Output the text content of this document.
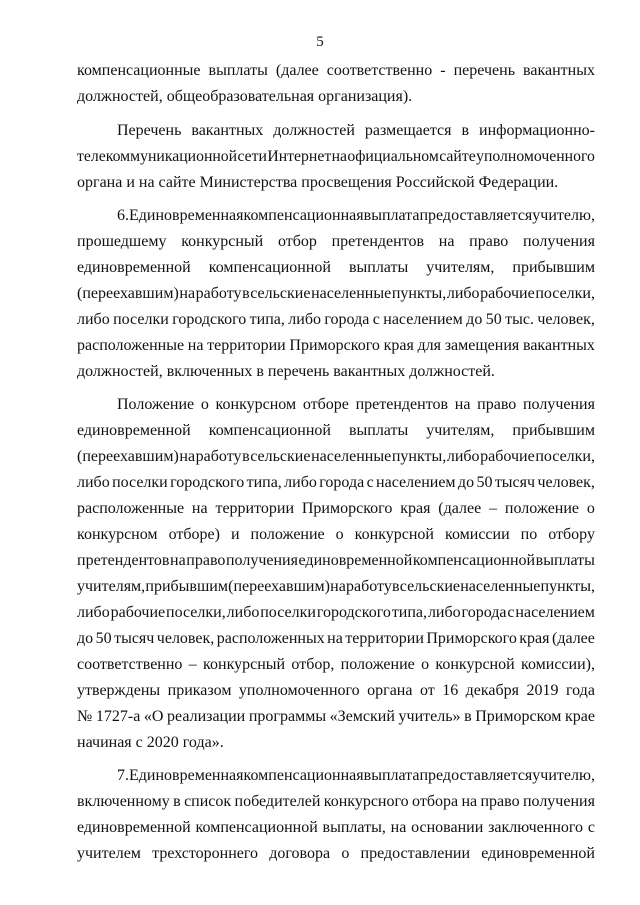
5
компенсационные выплаты (далее соответственно - перечень вакантных
должностей, общеобразовательная организация).
Перечень вакантных должностей размещается в информационно-
телекоммуникационной сети Интернет на официальном сайте уполномоченного
органа и на сайте Министерства просвещения Российской Федерации.
6. Единовременная компенсационная выплата предоставляется учителю,
прошедшему конкурсный отбор претендентов на право получения
единовременной компенсационной выплаты учителям, прибывшим
(переехавшим) на работу в сельские населенные пункты, либо рабочие поселки,
либо поселки городского типа, либо города с населением до 50 тыс. человек,
расположенные на территории Приморского края для замещения вакантных
должностей, включенных в перечень вакантных должностей.
Положение о конкурсном отборе претендентов на право получения
единовременной компенсационной выплаты учителям, прибывшим
(переехавшим) на работу в сельские населенные пункты, либо рабочие поселки,
либо поселки городского типа, либо города с населением до 50 тысяч человек,
расположенные на территории Приморского края (далее – положение о
конкурсном отборе) и положение о конкурсной комиссии по отбору
претендентов на право получения единовременной компенсационной выплаты
учителям, прибывшим (переехавшим) на работу в сельские населенные пункты,
либо рабочие поселки, либо поселки городского типа, либо города с населением
до 50 тысяч человек, расположенных на территории Приморского края (далее
соответственно – конкурсный отбор, положение о конкурсной комиссии),
утверждены приказом уполномоченного органа от 16 декабря 2019 года
№ 1727-а «О реализации программы «Земский учитель» в Приморском крае
начиная с 2020 года».
7. Единовременная компенсационная выплата предоставляется учителю,
включенному в список победителей конкурсного отбора на право получения
единовременной компенсационной выплаты, на основании заключенного с
учителем трехстороннего договора о предоставлении единовременной
